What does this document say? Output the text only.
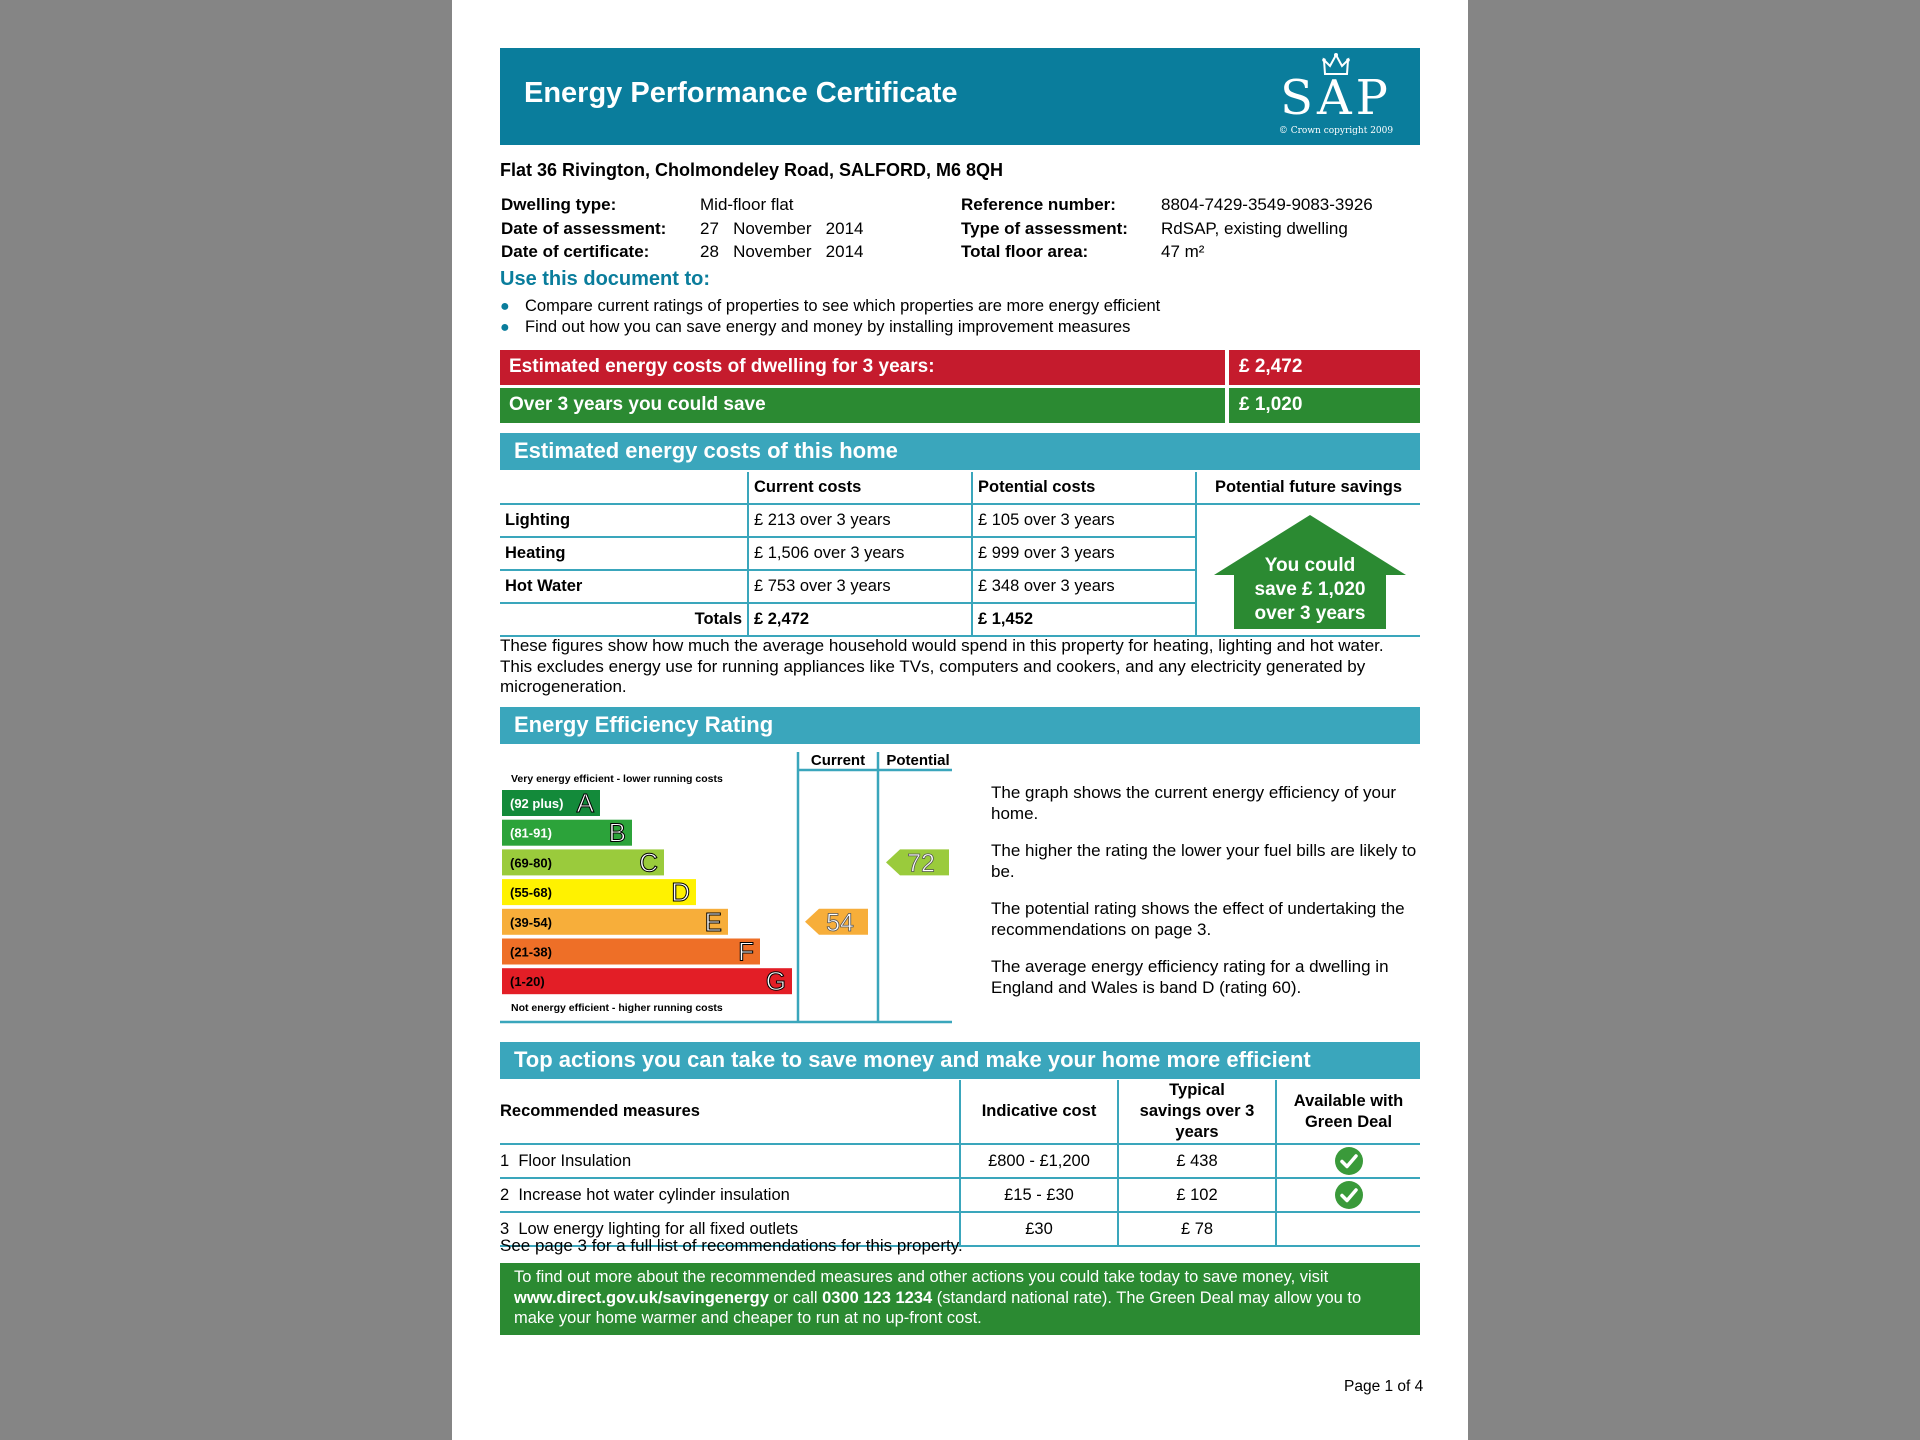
Energy Performance Certificate	SAP
© Crown copyright 2009
Flat 36 Rivington, Cholmondeley Road, SALFORD, M6 8QH
Dwelling type:	Mid-floor flat
Date of assessment: 27   November   2014
Date of certificate:	28   November   2014
Reference number:	8804-7429-3549-9083-3926
Type of assessment: RdSAP, existing dwelling
Total floor area:	47 m²
Use this document to:
● Compare current ratings of properties to see which properties are more energy efficient
● Find out how you can save energy and money by installing improvement measures
Estimated energy costs of dwelling for 3 years:	£ 2,472
Over 3 years you could save	£ 1,020
Estimated energy costs of this home
	Current costs	Potential costs	Potential future savings
Lighting	£ 213 over 3 years	£ 105 over 3 years	You could
save £ 1,020
over 3 years

Heating	£ 1,506 over 3 years	£ 999 over 3 years	
Hot Water	£ 753 over 3 years	£ 348 over 3 years	
Totals	£ 2,472	£ 1,452	
These figures show how much the average household would spend in this property for heating, lighting and hot water. This excludes energy use for running appliances like TVs, computers and cookers, and any electricity generated by microgeneration.
Energy Efficiency Rating
Current Potential
Very energy efficient - lower running costs
Not energy efficient - higher running costs
(92 plus) A
(81-91) B
(69-80)	C
(55-68)	D
(39-54)	E
(21-38)	F
(1-20)	G
54
72

The graph shows the current energy efficiency of your home.

The higher the rating the lower your fuel bills are likely to be.

The potential rating shows the effect of undertaking the recommendations on page 3.

The average energy efficiency rating for a dwelling in England and Wales is band D (rating 60).

Top actions you can take to save money and make your home more efficient
Recommended measures	Indicative cost	Typical savings over 3 years	Available with Green Deal
1  Floor Insulation	£800 - £1,200	£ 438	

2  Increase hot water cylinder insulation	£15 - £30	£ 102	

3  Low energy lighting for all fixed outlets	£30	£ 78	
See page 3 for a full list of recommendations for this property.
To find out more about the recommended measures and other actions you could take today to save money, visit www.direct.gov.uk/savingenergy or call 0300 123 1234 (standard national rate). The Green Deal may allow you to make your home warmer and cheaper to run at no up-front cost.
Page 1 of 4
